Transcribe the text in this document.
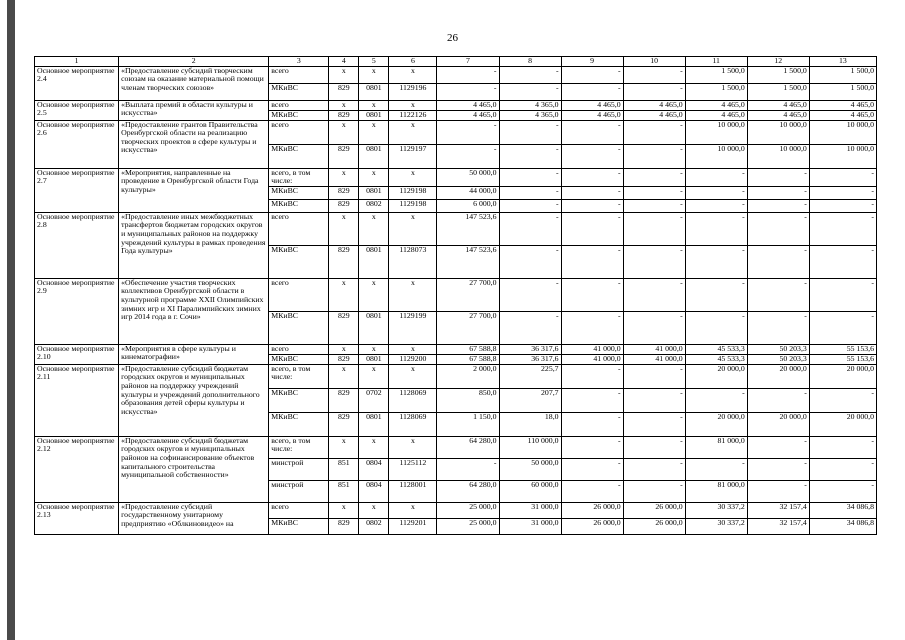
26
1	2	3	4	5	6	7	8	9	10	11	12	13
Основное мероприятие 2.4	«Предоставление субсидий творческим союзам на оказание материальной помощи членам творческих союзов»	всего	х	х	х	-	-	-	-	1 500,0	1 500,0	1 500,0
		МКиВС	829	0801	1129196	-	-	-	-	1 500,0	1 500,0	1 500,0
Основное мероприятие 2.5	«Выплата премий в области культуры и искусства»	всего	х	х	х	4 465,0	4 365,0	4 465,0	4 465,0	4 465,0	4 465,0	4 465,0
		МКиВС	829	0801	1122126	4 465,0	4 365,0	4 465,0	4 465,0	4 465,0	4 465,0	4 465,0
Основное мероприятие 2.6	«Предоставление грантов Правительства Оренбургской области на реализацию творческих проектов в сфере культуры и искусства»	всего	х	х	х	-	-	-	-	10 000,0	10 000,0	10 000,0
		МКиВС	829	0801	1129197	-	-	-	-	10 000,0	10 000,0	10 000,0
Основное мероприятие 2.7	«Мероприятия, направленные на проведение в Оренбургской области Года культуры»	всего, в том числе:	х	х	х	50 000,0	-	-	-	-	-	-
		МКиВС	829	0801	1129198	44 000,0	-	-	-	-	-	-
		МКиВС	829	0802	1129198	6 000,0	-	-	-	-	-	-
Основное мероприятие 2.8	«Предоставление иных межбюджетных трансфертов бюджетам городских округов и муниципальных районов на поддержку учреждений культуры в рамках проведения Года культуры»	всего	х	х	х	147 523,6	-	-	-	-	-	-
		МКиВС	829	0801	1128073	147 523,6	-	-	-	-	-	-
Основное мероприятие 2.9	«Обеспечение участия творческих коллективов Оренбургской области в культурной программе XXII Олимпийских зимних игр и XI Паралимпийских зимних игр 2014 года в г. Сочи»	всего	х	х	х	27 700,0	-	-	-	-	-	-
		МКиВС	829	0801	1129199	27 700,0	-	-	-	-	-	-
Основное мероприятие 2.10	«Мероприятия в сфере культуры и кинематографии»	всего	х	х	х	67 588,8	36 317,6	41 000,0	41 000,0	45 533,3	50 203,3	55 153,6
		МКиВС	829	0801	1129200	67 588,8	36 317,6	41 000,0	41 000,0	45 533,3	50 203,3	55 153,6
Основное мероприятие 2.11	«Предоставление субсидий бюджетам городских округов и муниципальных районов на поддержку учреждений культуры и учреждений дополнительного образования детей сферы культуры и искусства»	всего, в том числе:	х	х	х	2 000,0	225,7	-	-	20 000,0	20 000,0	20 000,0
		МКиВС	829	0702	1128069	850,0	207,7	-	-	-	-	-
		МКиВС	829	0801	1128069	1 150,0	18,0	-	-	20 000,0	20 000,0	20 000,0
Основное мероприятие 2.12	«Предоставление субсидий бюджетам городских округов и муниципальных районов на софинансирование объектов капитального строительства муниципальной собственности»	всего, в том числе:	х	х	х	64 280,0	110 000,0	-	-	81 000,0	-	-
		минстрой	851	0804	1125112	-	50 000,0	-	-	-	-	-
		минстрой	851	0804	1128001	64 280,0	60 000,0	-	-	81 000,0	-	-
Основное мероприятие 2.13	«Предоставление субсидий государственному унитарному предприятию «Облкиновидео» на	всего	х	х	х	25 000,0	31 000,0	26 000,0	26 000,0	30 337,2	32 157,4	34 086,8
		МКиВС	829	0802	1129201	25 000,0	31 000,0	26 000,0	26 000,0	30 337,2	32 157,4	34 086,8
